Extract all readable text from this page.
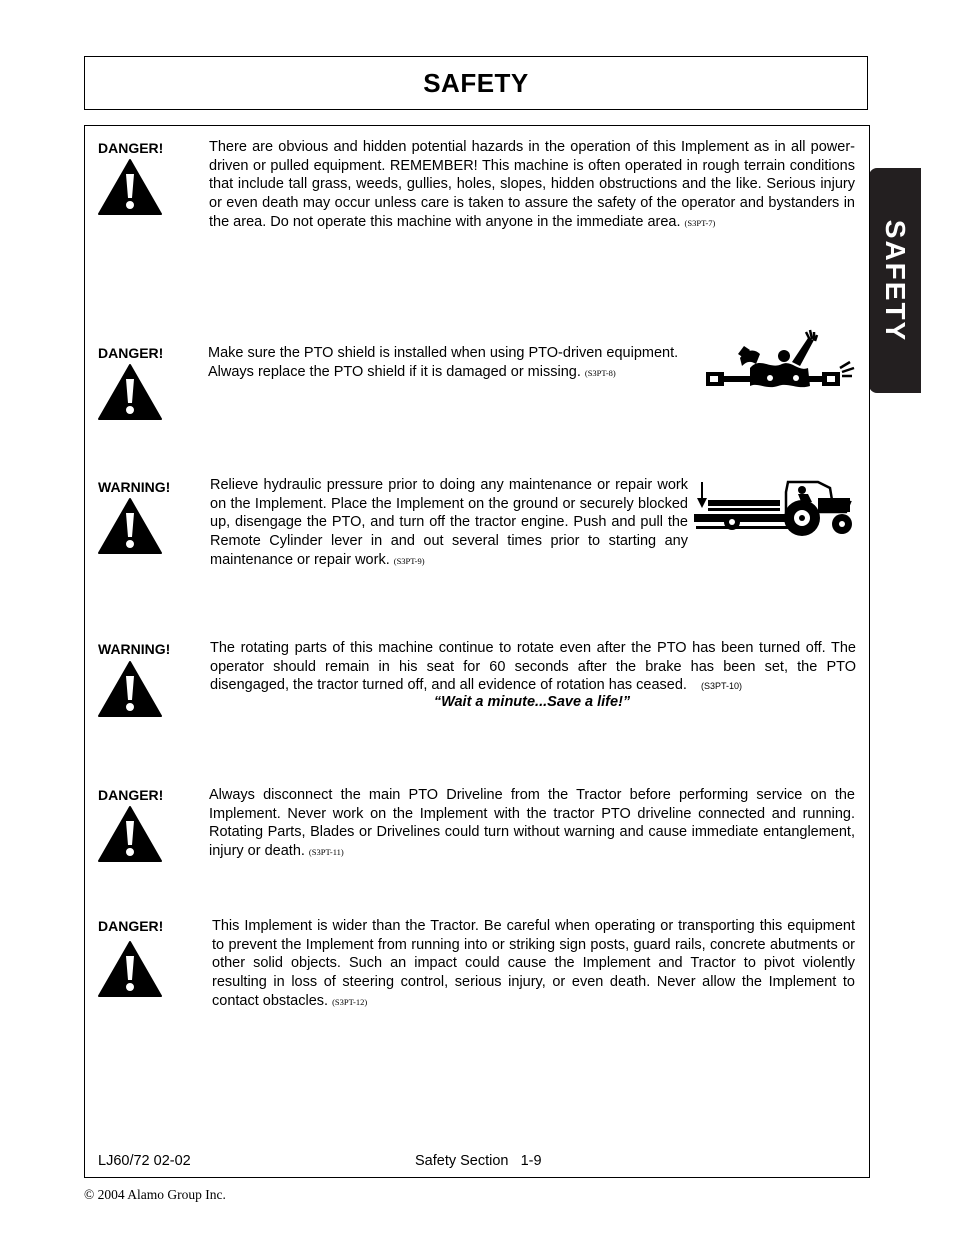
SAFETY
SAFETY
DANGER!	There are obvious and hidden potential hazards in the operation of this Implement as in all power-driven or pulled equipment. REMEMBER! This machine is often operated in rough terrain conditions that include tall grass, weeds, gullies, holes, slopes, hidden obstructions and the like. Serious injury or even death may occur unless care is taken to assure the safety of the operator and bystanders in the area. Do not operate this machine with anyone in the immediate area. (S3PT-7)
DANGER!	Make sure the PTO shield is installed when using PTO-driven equipment. Always replace the PTO shield if it is damaged or missing. (S3PT-8)
WARNING!	Relieve hydraulic pressure prior to doing any maintenance or repair work on the Implement. Place the Implement on the ground or securely blocked up, disengage the PTO, and turn off the tractor engine. Push and pull the Remote Cylinder lever in and out several times prior to starting any maintenance or repair work. (S3PT-9)
WARNING!	The rotating parts of this machine continue to rotate even after the PTO has been turned off. The operator should remain in his seat for 60 seconds after the brake has been set, the PTO disengaged, the tractor turned off, and all evidence of rotation has ceased. (S3PT-10)
“Wait a minute...Save a life!”
DANGER!	Always disconnect the main PTO Driveline from the Tractor before performing service on the Implement. Never work on the Implement with the tractor PTO driveline connected and running. Rotating Parts, Blades or Drivelines could turn without warning and cause immediate entanglement, injury or death. (S3PT-11)
DANGER!	This Implement is wider than the Tractor. Be careful when operating or transporting this equipment to prevent the Implement from running into or striking sign posts, guard rails, concrete abutments or other solid objects. Such an impact could cause the Implement and Tractor to pivot violently resulting in loss of steering control, serious injury, or even death. Never allow the Implement to contact obstacles. (S3PT-12)
LJ60/72 02-02	Safety Section   1-9
© 2004 Alamo Group Inc.
